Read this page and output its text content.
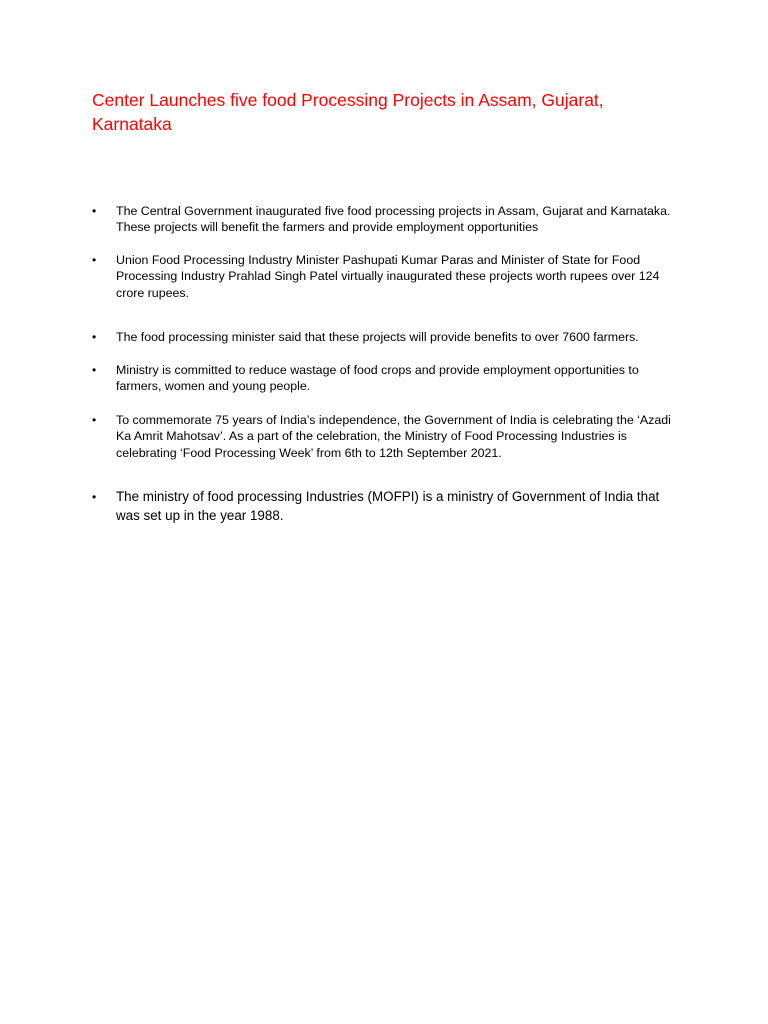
Center Launches five food Processing Projects in Assam, Gujarat, Karnataka
•	The Central Government inaugurated five food processing projects in Assam, Gujarat and Karnataka. These projects will benefit the farmers and provide employment opportunities
•	Union Food Processing Industry Minister Pashupati Kumar Paras and Minister of State for Food Processing Industry Prahlad Singh Patel virtually inaugurated these projects worth rupees over 124 crore rupees.
•	The food processing minister said that these projects will provide benefits to over 7600 farmers.
•	Ministry is committed to reduce wastage of food crops and provide employment opportunities to farmers, women and young people.
•	To commemorate 75 years of India’s independence, the Government of India is celebrating the ‘Azadi Ka Amrit Mahotsav’. As a part of the celebration, the Ministry of Food Processing Industries is celebrating ‘Food Processing Week’ from 6th to 12th September 2021.
•	The ministry of food processing Industries (MOFPI) is a ministry of Government of India that was set up in the year 1988.
